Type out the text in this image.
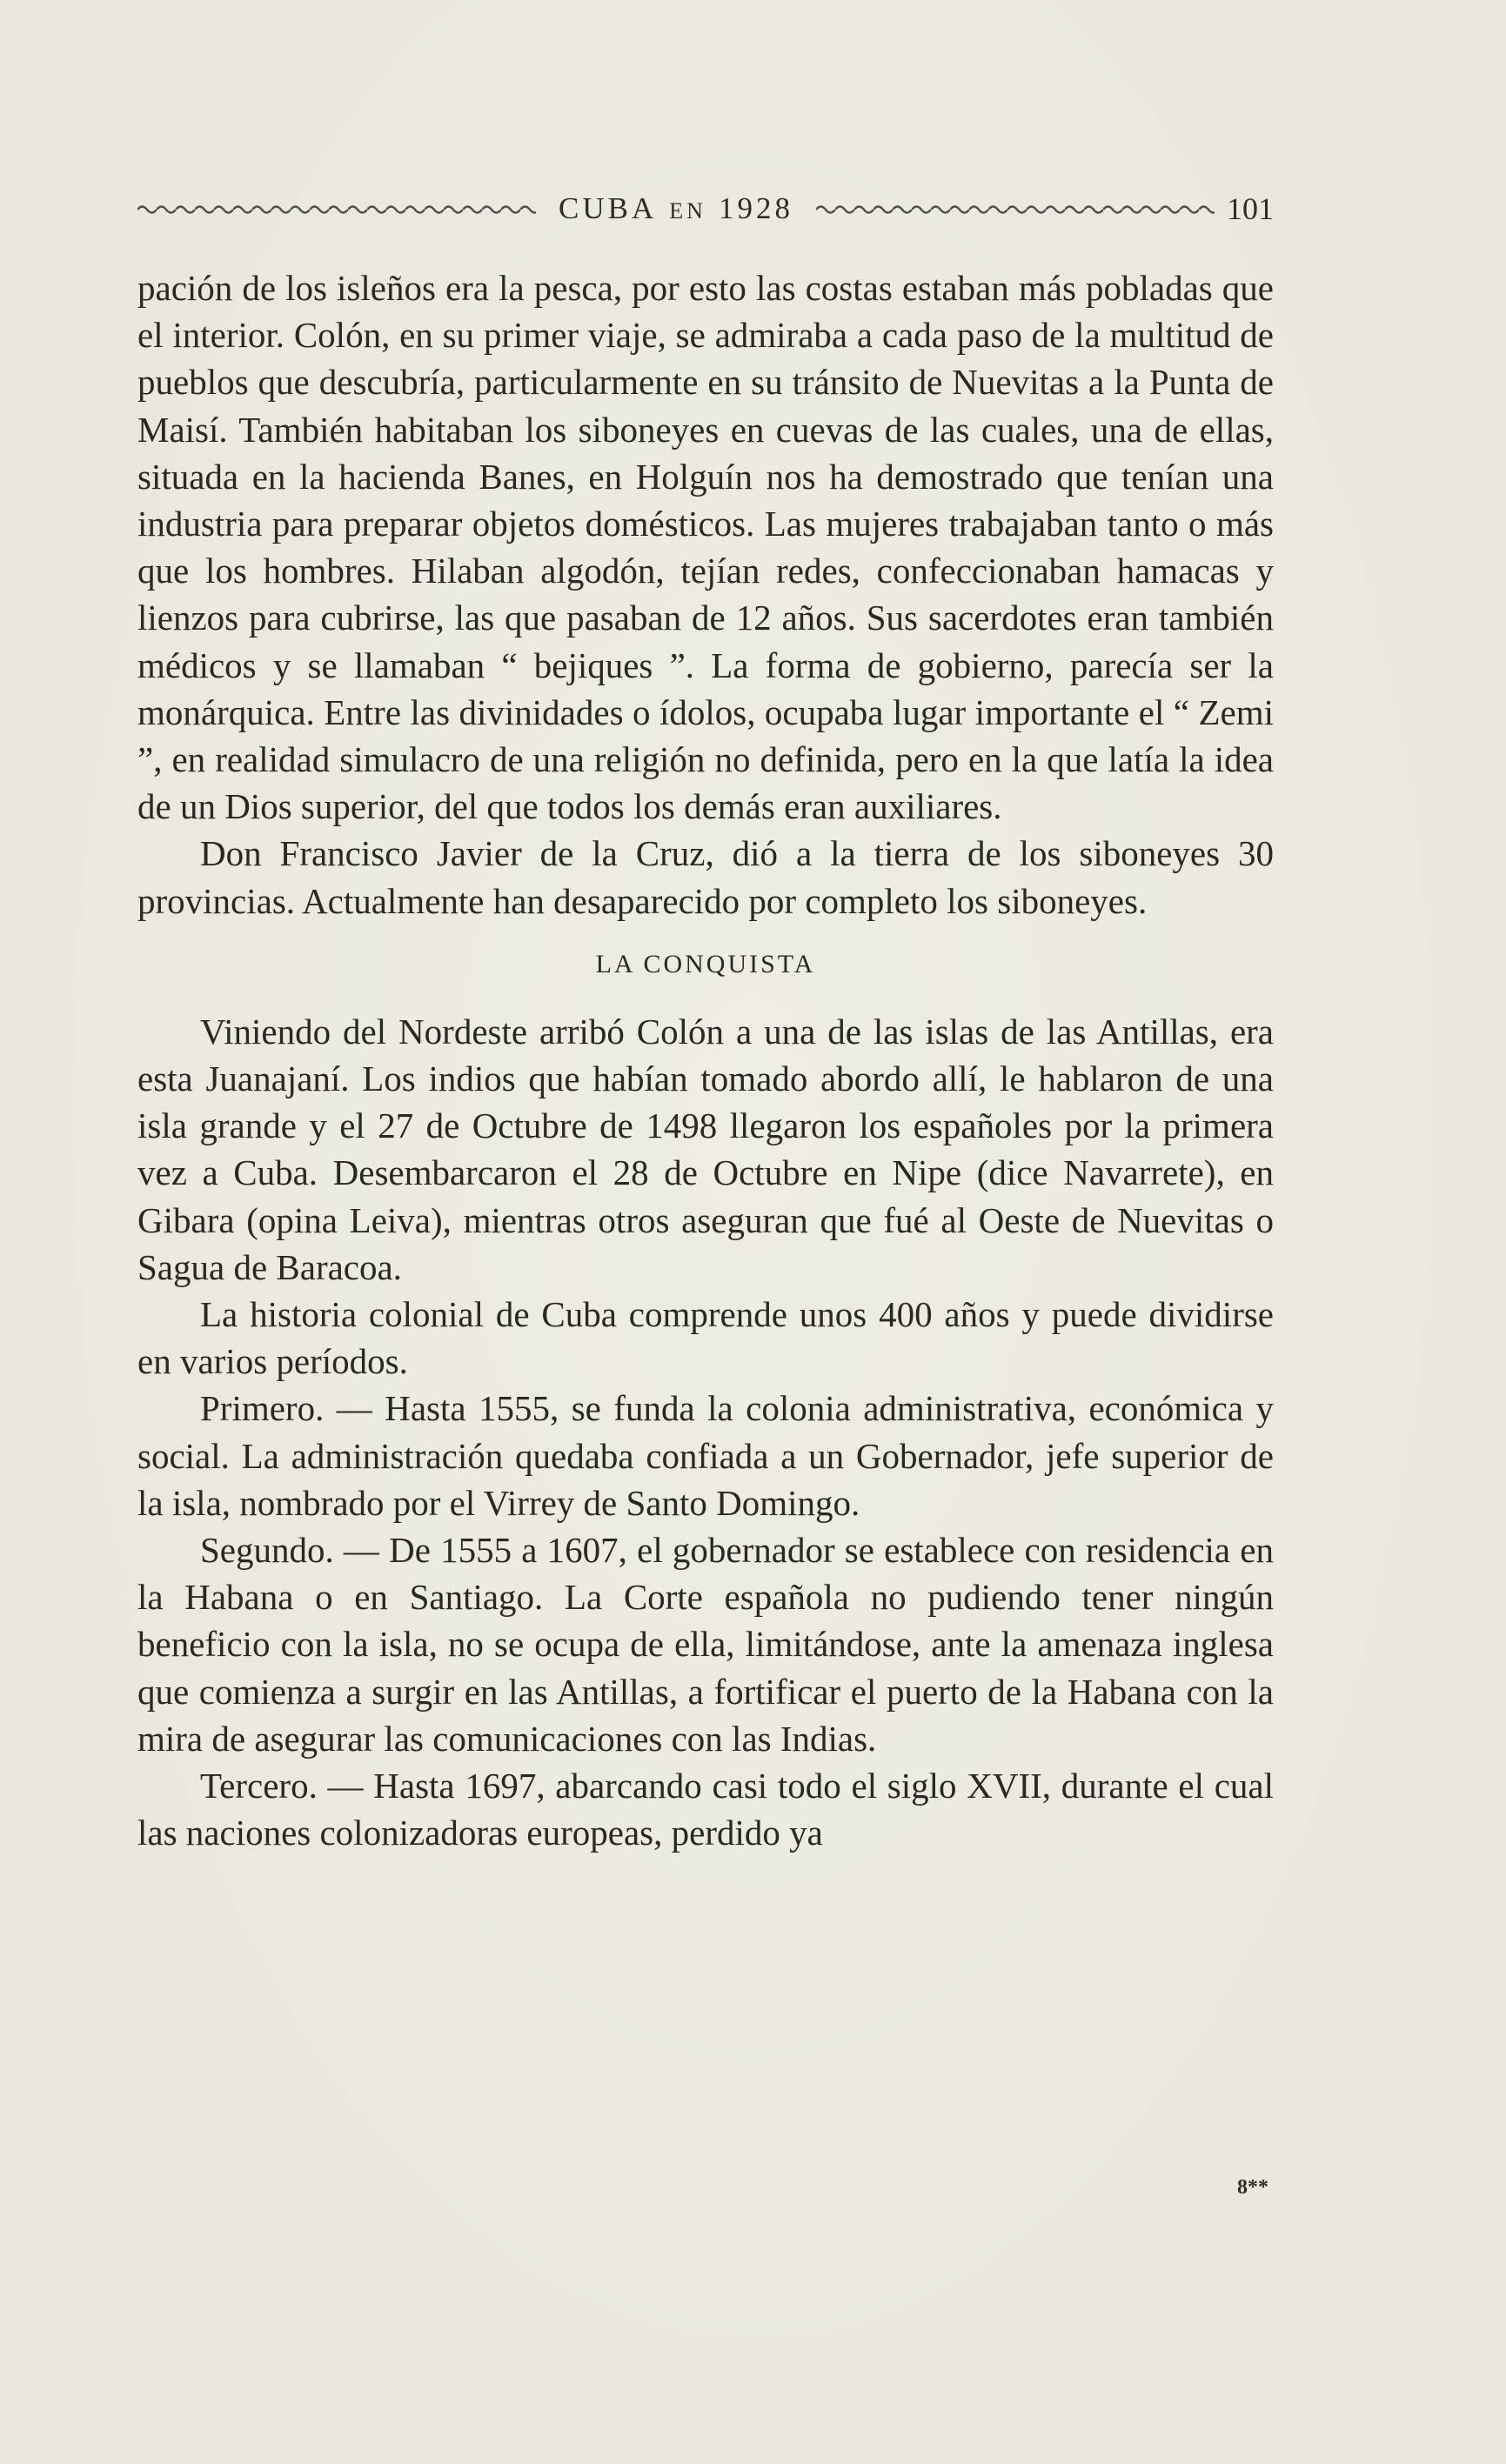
CUBA EN 1928	101

pación de los isleños era la pesca, por esto las costas estaban más pobladas que el interior. Colón, en su primer viaje, se admiraba a cada paso de la multitud de pueblos que descubría, particularmente en su tránsito de Nuevitas a la Punta de Maisí. También habitaban los siboneyes en cuevas de las cuales, una de ellas, situada en la hacienda Banes, en Holguín nos ha demostrado que tenían una industria para preparar objetos domésticos. Las mujeres trabajaban tanto o más que los hombres. Hilaban algodón, tejían redes, confeccionaban hamacas y lienzos para cubrirse, las que pasaban de 12 años. Sus sacerdotes eran también médicos y se llamaban “ bejiques ”. La forma de gobierno, parecía ser la monárquica. Entre las divinidades o ídolos, ocupaba lugar importante el “ Zemi ”, en realidad simulacro de una religión no definida, pero en la que latía la idea de un Dios superior, del que todos los demás eran auxiliares.

Don Francisco Javier de la Cruz, dió a la tierra de los siboneyes 30 provincias. Actualmente han desaparecido por completo los siboneyes.

LA CONQUISTA

Viniendo del Nordeste arribó Colón a una de las islas de las Antillas, era esta Juanajaní. Los indios que habían tomado abordo allí, le hablaron de una isla grande y el 27 de Octubre de 1498 llegaron los españoles por la primera vez a Cuba. Desembarcaron el 28 de Octubre en Nipe (dice Navarrete), en Gibara (opina Leiva), mientras otros aseguran que fué al Oeste de Nuevitas o Sagua de Baracoa.

La historia colonial de Cuba comprende unos 400 años y puede dividirse en varios períodos.

Primero. — Hasta 1555, se funda la colonia administrativa, económica y social. La administración quedaba confiada a un Gobernador, jefe superior de la isla, nombrado por el Virrey de Santo Domingo.

Segundo. — De 1555 a 1607, el gobernador se establece con residencia en la Habana o en Santiago. La Corte española no pudiendo tener ningún beneficio con la isla, no se ocupa de ella, limitándose, ante la amenaza inglesa que comienza a surgir en las Antillas, a fortificar el puerto de la Habana con la mira de asegurar las comunicaciones con las Indias.

Tercero. — Hasta 1697, abarcando casi todo el siglo XVII, durante el cual las naciones colonizadoras europeas, perdido ya

8**
